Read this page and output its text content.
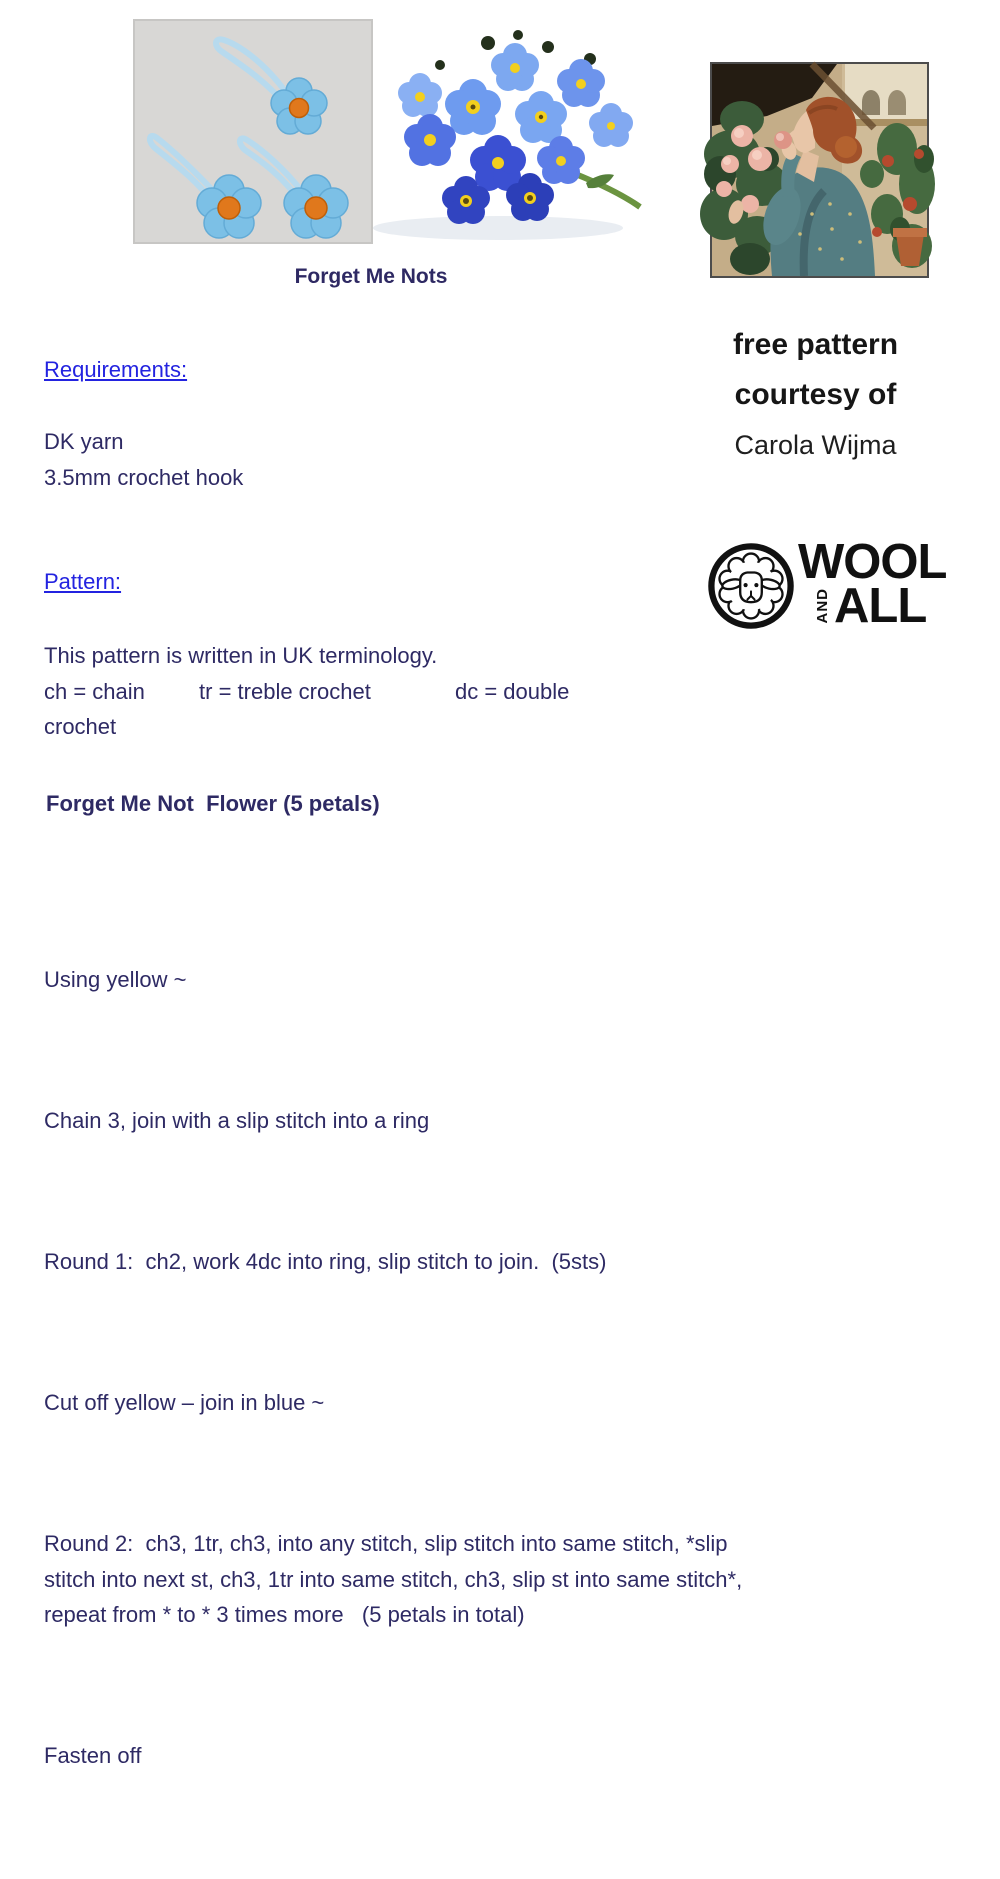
Forget Me Nots
free pattern
courtesy of
Carola Wijma
WOOL
AND ALL
Requirements:
DK yarn
3.5mm crochet hook
Pattern:
This pattern is written in UK terminology.
ch = chain tr = treble crochet	dc = double
crochet
Forget Me Not  Flower (5 petals)

Using yellow ~

Chain 3, join with a slip stitch into a ring

Round 1:  ch2, work 4dc into ring, slip stitch to join.  (5sts)

Cut off yellow – join in blue ~

Round 2:  ch3, 1tr, ch3, into any stitch, slip stitch into same stitch, *slip stitch into next st, ch3, 1tr into same stitch, ch3, slip st into same stitch*, repeat from * to * 3 times more   (5 petals in total)

Fasten off
